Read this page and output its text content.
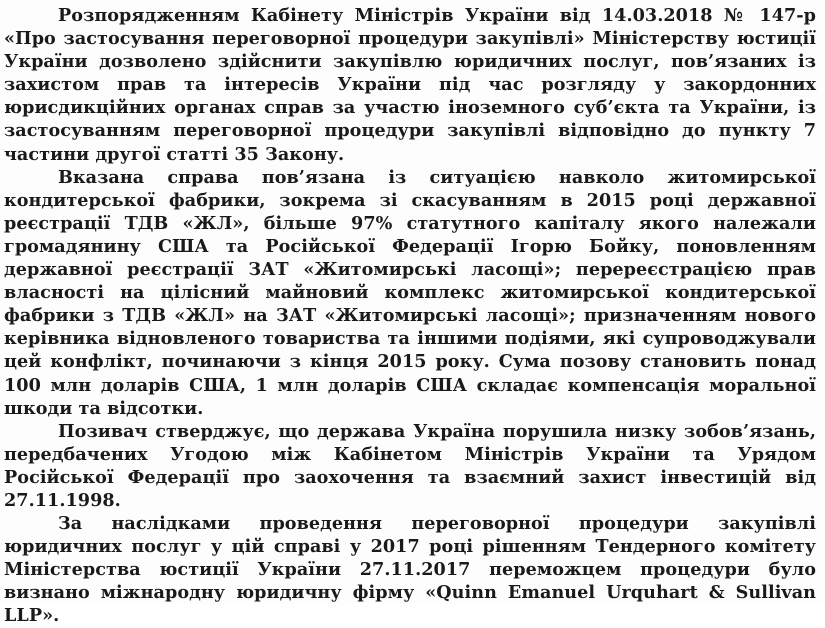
Розпорядженням Кабінету Міністрів України від 14.03.2018 № 147-р «Про застосування переговорної процедури закупівлі» Міністерству юстиції України дозволено здійснити закупівлю юридичних послуг, пов’язаних із захистом прав та інтересів України під час розгляду у закордонних юрисдикційних органах справ за участю іноземного суб’єкта та України, із застосуванням переговорної процедури закупівлі відповідно до пункту 7 частини другої статті 35 Закону.

Вказана справа пов’язана із ситуацією навколо житомирської кондитерської фабрики, зокрема зі скасуванням в 2015 році державної реєстрації ТДВ «ЖЛ», більше 97% статутного капіталу якого належали громадянину США та Російської Федерації Ігорю Бойку, поновленням державної реєстрації ЗАТ «Житомирські ласощі»; перереєстрацією прав власності на цілісний майновий комплекс житомирської кондитерської фабрики з ТДВ «ЖЛ» на ЗАТ «Житомирські ласощі»; призначенням нового керівника відновленого товариства та іншими подіями, які супроводжували цей конфлікт, починаючи з кінця 2015 року. Сума позову становить понад 100 млн доларів США, 1 млн доларів США складає компенсація моральної шкоди та відсотки.

Позивач стверджує, що держава Україна порушила низку зобов’язань, передбачених Угодою між Кабінетом Міністрів України та Урядом Російської Федерації про заохочення та взаємний захист інвестицій від 27.11.1998.

За наслідками проведення переговорної процедури закупівлі юридичних послуг у цій справі у 2017 році рішенням Тендерного комітету Міністерства юстиції України 27.11.2017 переможцем процедури було визнано міжнародну юридичну фірму «Quinn Emanuel Urquhart & Sullivan LLP».
